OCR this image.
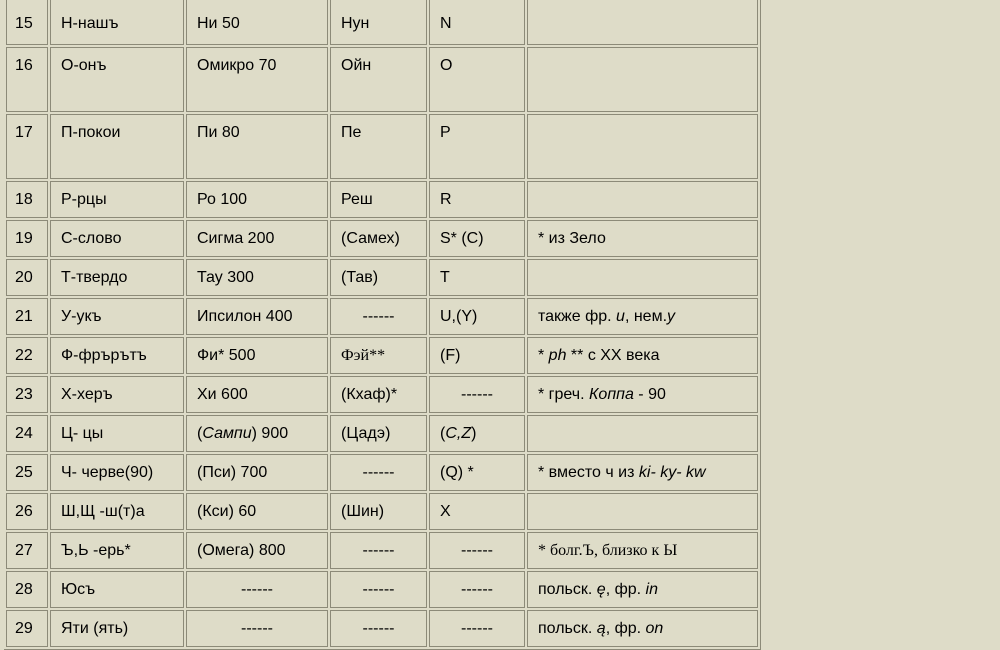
15	Н-нашъ	Ни 50	Нун	N	
16	О-онъ	Омикро 70	Ойн	O	
17	П-покои	Пи 80	Пе	P	
18	Р-рцы	Ро 100	Реш	R	
19	С-слово	Сигма 200	(Самех)	S* (C)	* из Зело
20	Т-твердо	Тау 300	(Тав)	T	
21	У-укъ	Ипсилон 400	------	U,(Y)	также фр. u, нем.y
22	Ф-фрърътъ	Фи* 500	Фэй**	(F)	* ph ** с XX века
23	Х-херъ	Хи 600	(Кхаф)*	------	* греч. Коппа - 90
24	Ц- цы	(Сампи) 900	(Цадэ)	(C,Z)	
25	Ч- черве(90)	(Пси) 700	------	(Q) *	* вместо ч из ki- ky- kw
26	Ш,Щ -ш(т)а	(Кси) 60	(Шин)	X	
27	Ъ,Ь -ерь*	(Омега) 800	------	------	* болг.Ъ, близко к Ы
28	Юсъ	------	------	------	польск. ę, фр. in
29	Яти (ять)	------	------	------	польск. ą, фр. on
